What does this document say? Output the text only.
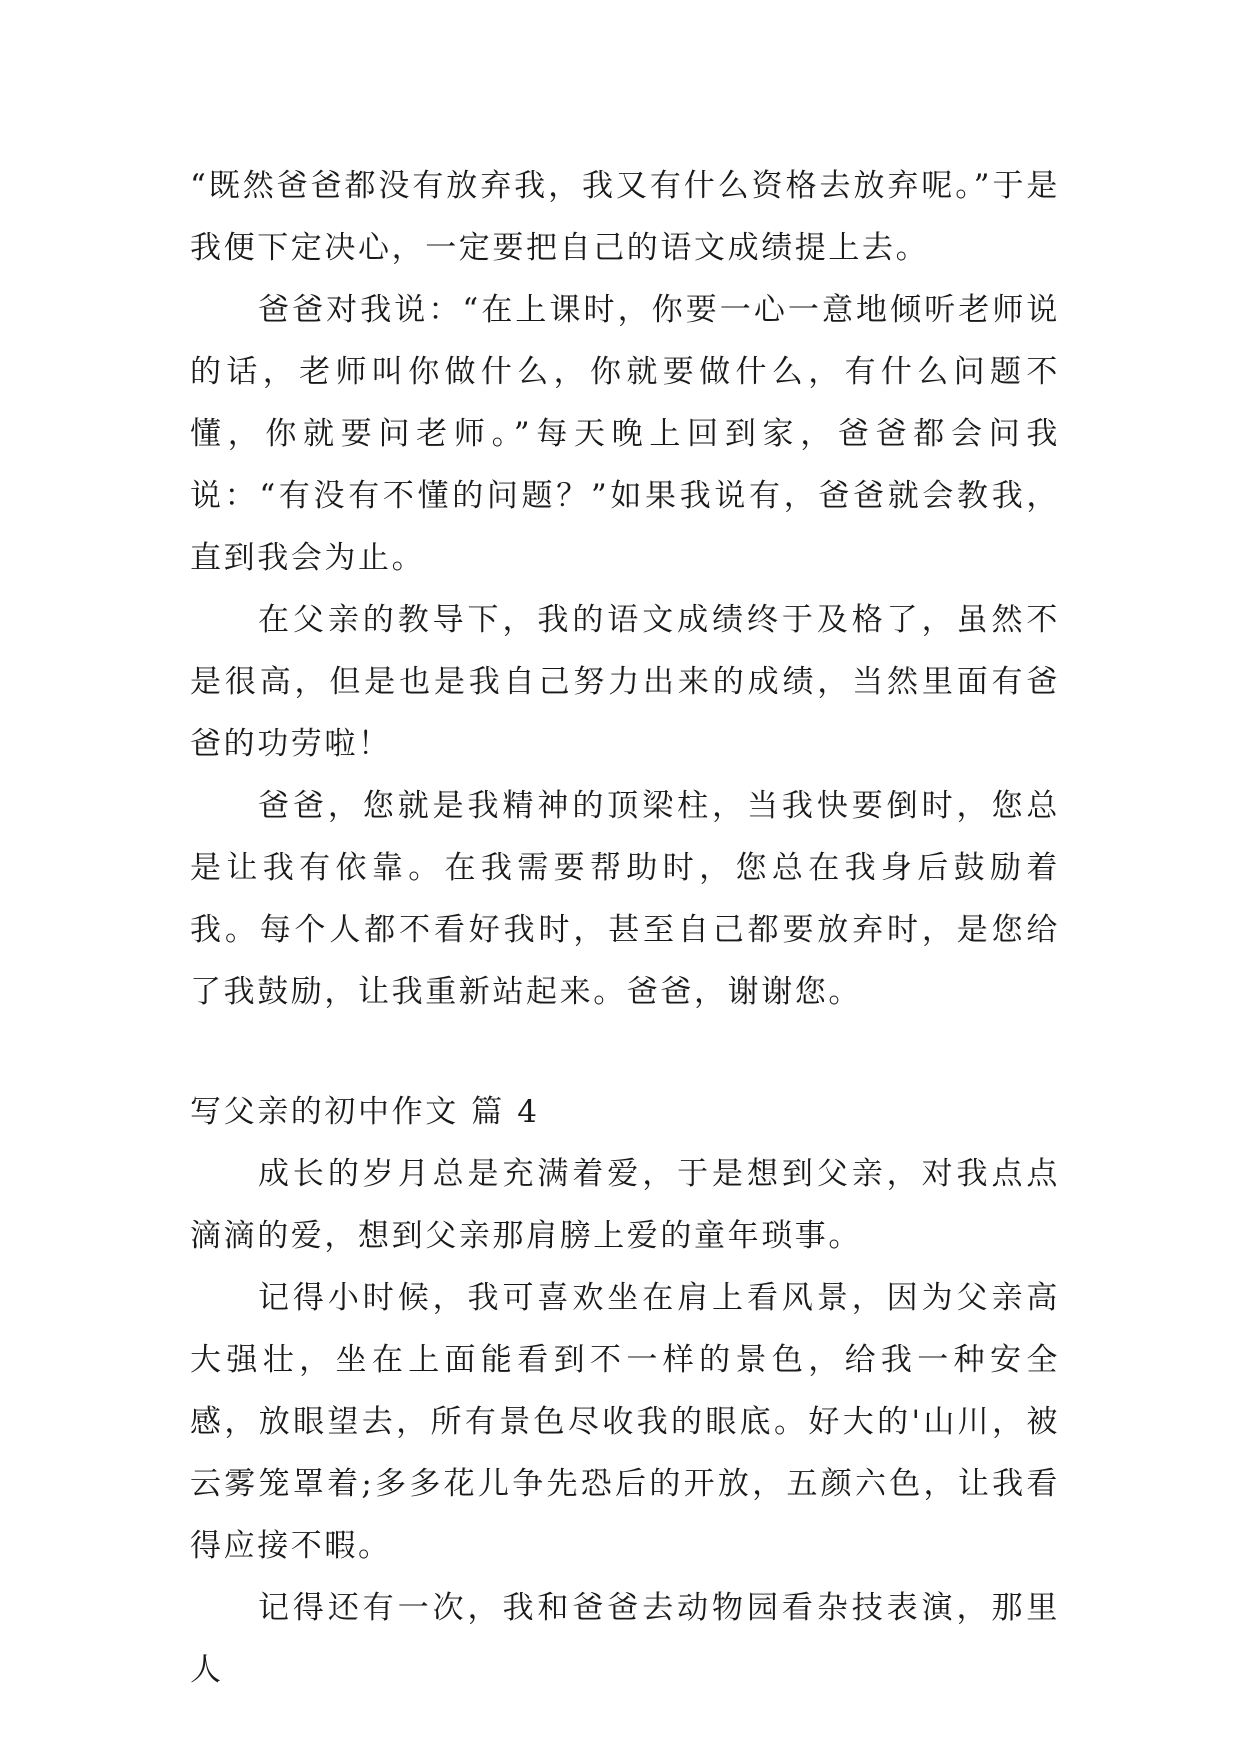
“既然爸爸都没有放弃我，我又有什么资格去放弃呢。”于是我便下定决心，一定要把自己的语文成绩提上去。

爸爸对我说：“在上课时，你要一心一意地倾听老师说的话，老师叫你做什么，你就要做什么，有什么问题不懂，你就要问老师。”每天晚上回到家，爸爸都会问我说：“有没有不懂的问题？”如果我说有，爸爸就会教我，直到我会为止。

在父亲的教导下，我的语文成绩终于及格了，虽然不是很高，但是也是我自己努力出来的成绩，当然里面有爸爸的功劳啦！

爸爸，您就是我精神的顶梁柱，当我快要倒时，您总是让我有依靠。在我需要帮助时，您总在我身后鼓励着我。每个人都不看好我时，甚至自己都要放弃时，是您给了我鼓励，让我重新站起来。爸爸，谢谢您。

写父亲的初中作文 篇 4

成长的岁月总是充满着爱，于是想到父亲，对我点点滴滴的爱，想到父亲那肩膀上爱的童年琐事。

记得小时候，我可喜欢坐在肩上看风景，因为父亲高大强壮，坐在上面能看到不一样的景色，给我一种安全感，放眼望去，所有景色尽收我的眼底。好大的'山川，被云雾笼罩着;多多花儿争先恐后的开放，五颜六色，让我看得应接不暇。

记得还有一次，我和爸爸去动物园看杂技表演，那里人
